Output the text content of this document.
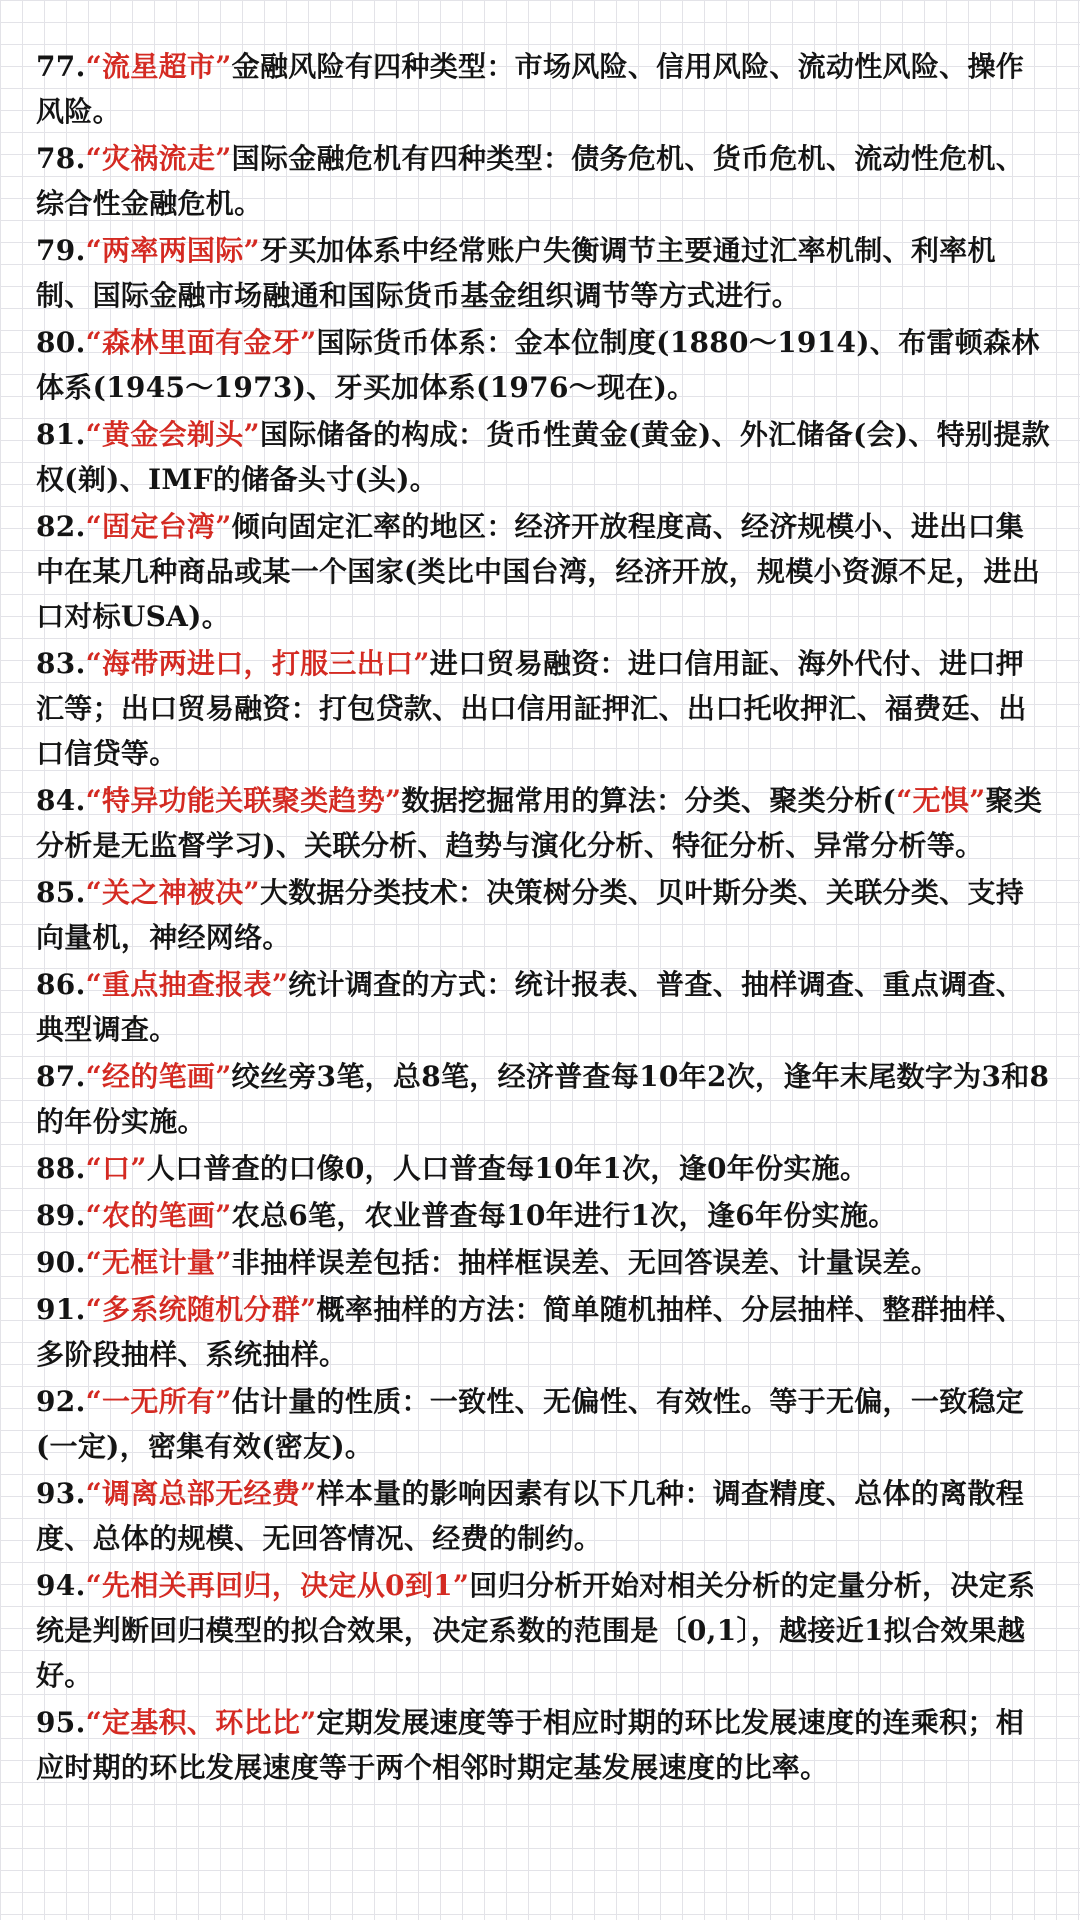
77.“流星超市”金融风险有四种类型：市场风险、信用风险、流动性风险、操作风险。

78.“灾祸流走”国际金融危机有四种类型：债务危机、货币危机、流动性危机、综合性金融危机。

79.“两率两国际”牙买加体系中经常账户失衡调节主要通过汇率机制、利率机制、国际金融市场融通和国际货币基金组织调节等方式进行。

80.“森林里面有金牙”国际货币体系：金本位制度(1880～1914)、布雷顿森林体系(1945～1973)、牙买加体系(1976～现在)。

81.“黄金会剃头”国际储备的构成：货币性黄金(黄金)、外汇储备(会)、特别提款权(剃)、IMF的储备头寸(头)。

82.“固定台湾”倾向固定汇率的地区：经济开放程度高、经济规模小、进出口集中在某几种商品或某一个国家(类比中国台湾，经济开放，规模小资源不足，进出口对标USA)。

83.“海带两进口，打服三出口”进口贸易融资：进口信用証、海外代付、进口押汇等；出口贸易融资：打包贷款、出口信用証押汇、出口托收押汇、福费廷、出口信贷等。

84.“特异功能关联聚类趋势”数据挖掘常用的算法：分类、聚类分析(“无惧”聚类分析是无监督学习)、关联分析、趋势与演化分析、特征分析、异常分析等。

85.“关之神被决”大数据分类技术：决策树分类、贝叶斯分类、关联分类、支持向量机，神经网络。

86.“重点抽查报表”统计调查的方式：统计报表、普查、抽样调查、重点调查、典型调查。

87.“经的笔画”绞丝旁3笔，总8笔，经济普查每10年2次，逢年末尾数字为3和8的年份实施。

88.“口”人口普查的口像0，人口普查每10年1次，逢0年份实施。

89.“农的笔画”农总6笔，农业普查每10年进行1次，逢6年份实施。

90.“无框计量”非抽样误差包括：抽样框误差、无回答误差、计量误差。

91.“多系统随机分群”概率抽样的方法：简单随机抽样、分层抽样、整群抽样、多阶段抽样、系统抽样。

92.“一无所有”估计量的性质：一致性、无偏性、有效性。等于无偏，一致稳定(一定)，密集有效(密友)。

93.“调离总部无经费”样本量的影响因素有以下几种：调查精度、总体的离散程度、总体的规模、无回答情况、经费的制约。

94.“先相关再回归，决定从0到1”回归分析开始对相关分析的定量分析，决定系统是判断回归模型的拟合效果，决定系数的范围是〔0,1〕，越接近1拟合效果越好。

95.“定基积、环比比”定期发展速度等于相应时期的环比发展速度的连乘积；相应时期的环比发展速度等于两个相邻时期定基发展速度的比率。
